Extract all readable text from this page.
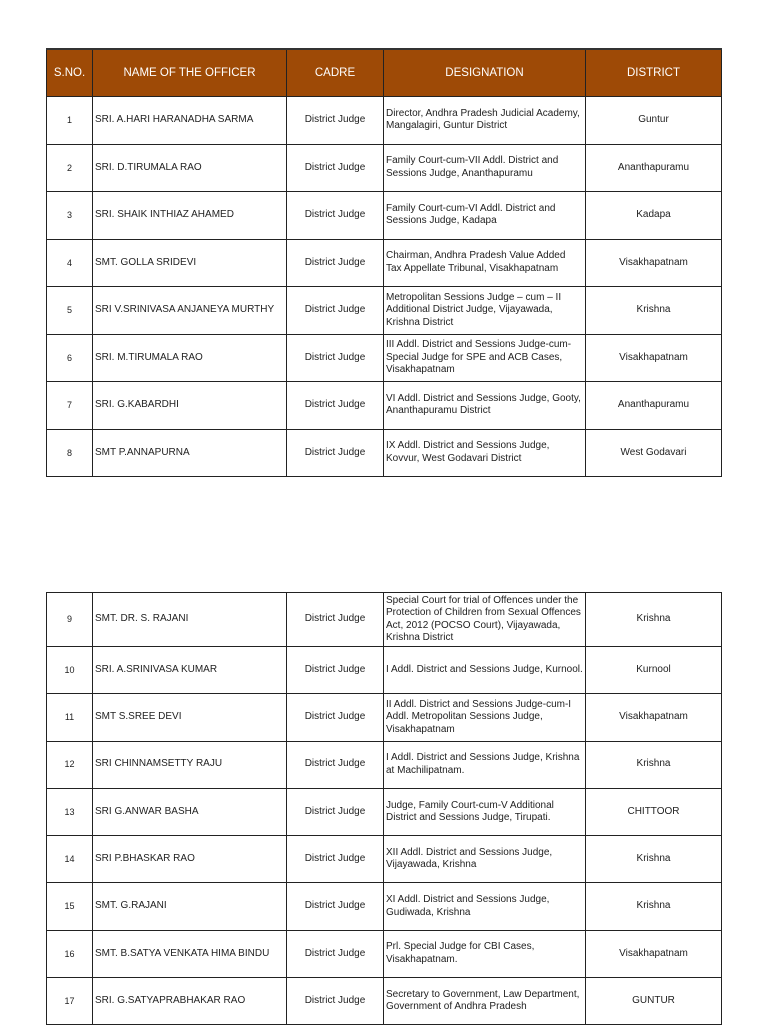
S.NO.	NAME OF THE OFFICER	CADRE	DESIGNATION	DISTRICT
1	SRI. A.HARI HARANADHA SARMA	District Judge	Director, Andhra Pradesh Judicial Academy, Mangalagiri, Guntur District	Guntur
2	SRI. D.TIRUMALA RAO	District Judge	Family Court-cum-VII Addl. District and Sessions Judge, Ananthapuramu	Ananthapuramu
3	SRI. SHAIK INTHIAZ AHAMED	District Judge	Family Court-cum-VI Addl. District and Sessions Judge, Kadapa	Kadapa
4	SMT. GOLLA SRIDEVI	District Judge	Chairman, Andhra Pradesh Value Added Tax Appellate Tribunal, Visakhapatnam	Visakhapatnam
5	SRI V.SRINIVASA ANJANEYA MURTHY	District Judge	Metropolitan Sessions Judge – cum – II Additional District Judge, Vijayawada, Krishna District	Krishna
6	SRI. M.TIRUMALA RAO	District Judge	III Addl. District and Sessions Judge-cum-Special Judge for SPE and ACB Cases, Visakhapatnam	Visakhapatnam
7	SRI. G.KABARDHI	District Judge	VI Addl. District and Sessions Judge, Gooty, Ananthapuramu District	Ananthapuramu
8	SMT P.ANNAPURNA	District Judge	IX Addl. District and Sessions Judge, Kovvur, West Godavari District	West Godavari
9	SMT. DR. S. RAJANI	District Judge	Special Court for trial of Offences under the Protection of Children from Sexual Offences Act, 2012 (POCSO Court), Vijayawada, Krishna District	Krishna
10	SRI. A.SRINIVASA KUMAR	District Judge	I Addl. District and Sessions Judge, Kurnool.	Kurnool
11	SMT S.SREE DEVI	District Judge	II Addl. District and Sessions Judge-cum-I Addl. Metropolitan Sessions Judge, Visakhapatnam	Visakhapatnam
12	SRI CHINNAMSETTY RAJU	District Judge	I Addl. District and Sessions Judge, Krishna at Machilipatnam.	Krishna
13	SRI G.ANWAR BASHA	District Judge	Judge, Family Court-cum-V Additional District and Sessions Judge, Tirupati.	CHITTOOR
14	SRI P.BHASKAR RAO	District Judge	XII Addl. District and Sessions Judge, Vijayawada, Krishna	Krishna
15	SMT. G.RAJANI	District Judge	XI Addl. District and Sessions Judge, Gudiwada, Krishna	Krishna
16	SMT. B.SATYA VENKATA HIMA BINDU	District Judge	Prl. Special Judge for CBI Cases, Visakhapatnam.	Visakhapatnam
17	SRI. G.SATYAPRABHAKAR RAO	District Judge	Secretary to Government, Law Department, Government of Andhra Pradesh	GUNTUR
